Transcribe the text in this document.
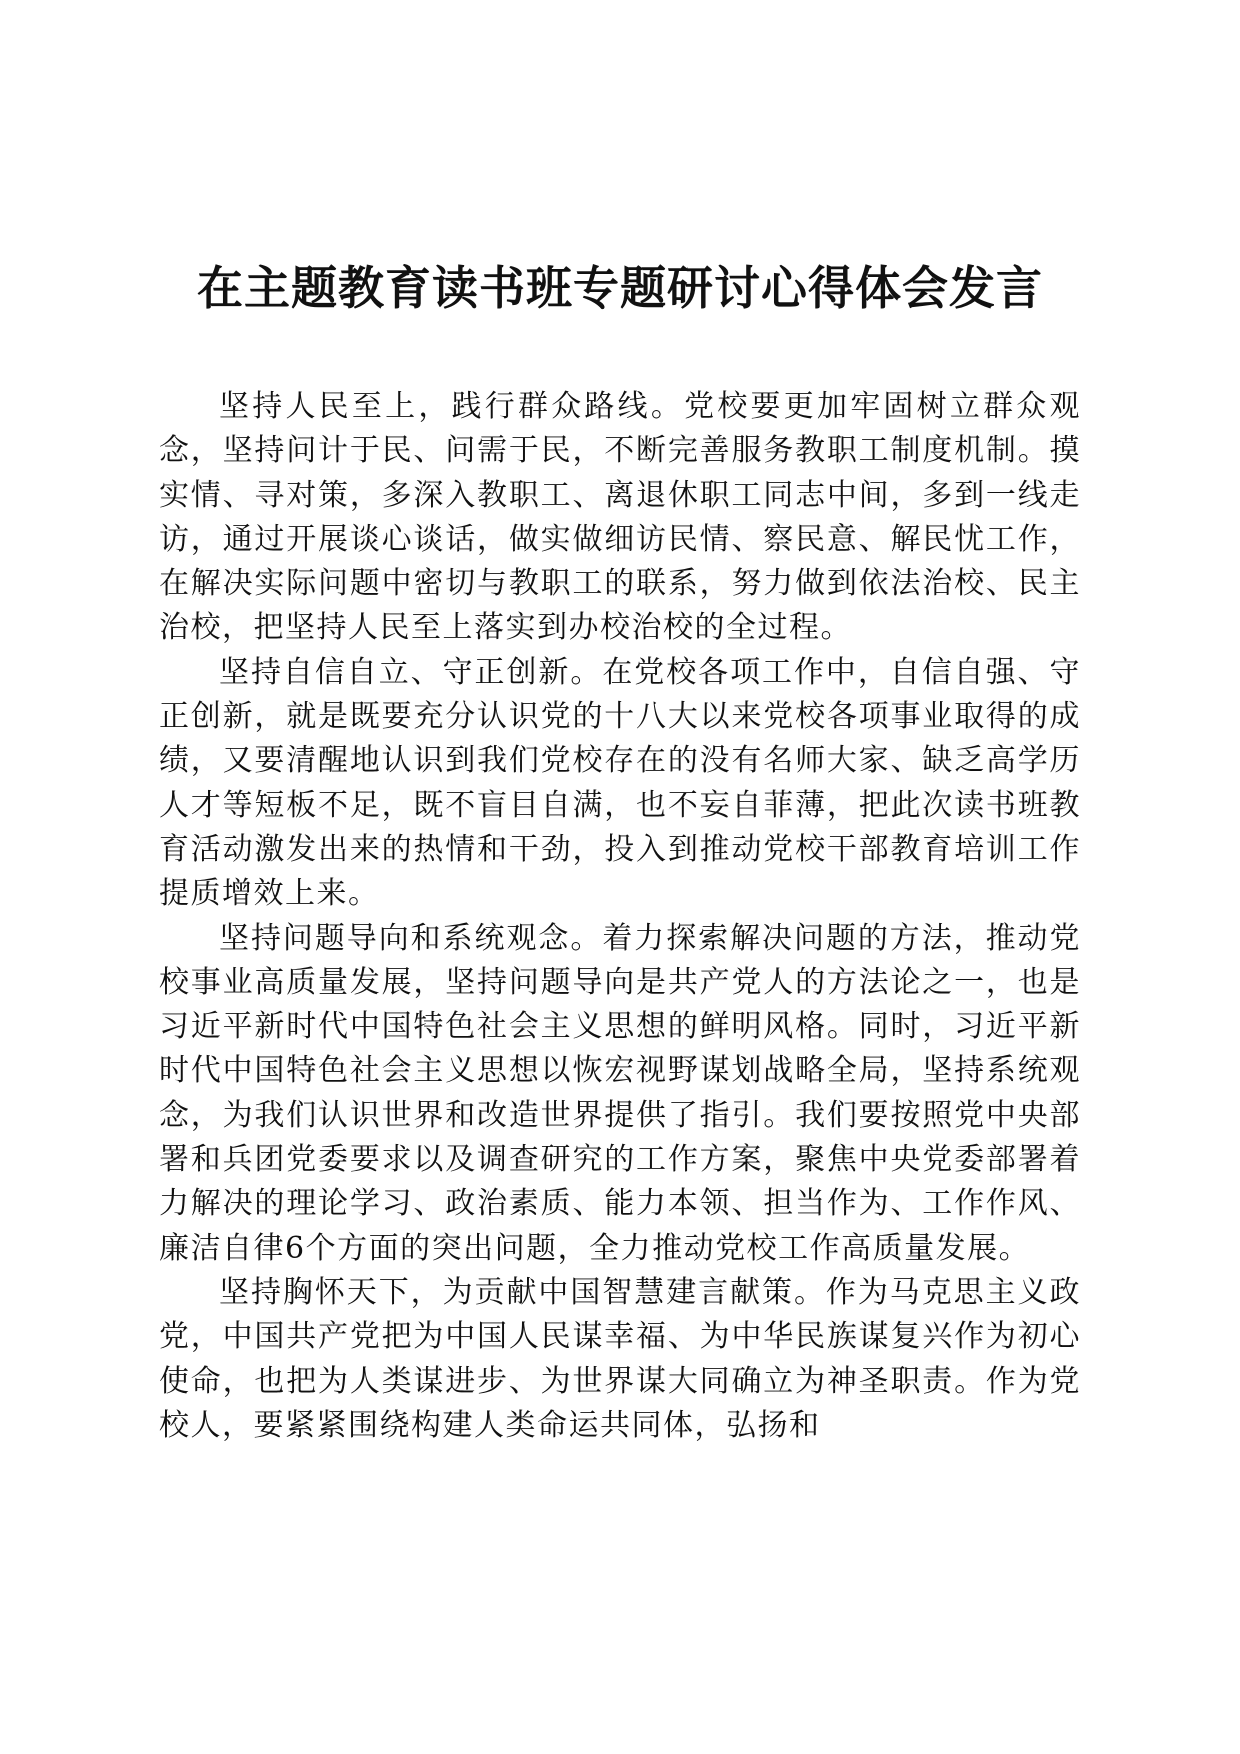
在主题教育读书班专题研讨心得体会发言

坚持人民至上，践行群众路线。党校要更加牢固树立群众观念，坚持问计于民、问需于民，不断完善服务教职工制度机制。摸实情、寻对策，多深入教职工、离退休职工同志中间，多到一线走访，通过开展谈心谈话，做实做细访民情、察民意、解民忧工作，在解决实际问题中密切与教职工的联系，努力做到依法治校、民主治校，把坚持人民至上落实到办校治校的全过程。

坚持自信自立、守正创新。在党校各项工作中，自信自强、守正创新，就是既要充分认识党的十八大以来党校各项事业取得的成绩，又要清醒地认识到我们党校存在的没有名师大家、缺乏高学历人才等短板不足，既不盲目自满，也不妄自菲薄，把此次读书班教育活动激发出来的热情和干劲，投入到推动党校干部教育培训工作提质增效上来。

坚持问题导向和系统观念。着力探索解决问题的方法，推动党校事业高质量发展，坚持问题导向是共产党人的方法论之一，也是习近平新时代中国特色社会主义思想的鲜明风格。同时，习近平新时代中国特色社会主义思想以恢宏视野谋划战略全局，坚持系统观念，为我们认识世界和改造世界提供了指引。我们要按照党中央部署和兵团党委要求以及调查研究的工作方案，聚焦中央党委部署着力解决的理论学习、政治素质、能力本领、担当作为、工作作风、廉洁自律6个方面的突出问题，全力推动党校工作高质量发展。

坚持胸怀天下，为贡献中国智慧建言献策。作为马克思主义政党，中国共产党把为中国人民谋幸福、为中华民族谋复兴作为初心使命，也把为人类谋进步、为世界谋大同确立为神圣职责。作为党校人，要紧紧围绕构建人类命运共同体，弘扬和
